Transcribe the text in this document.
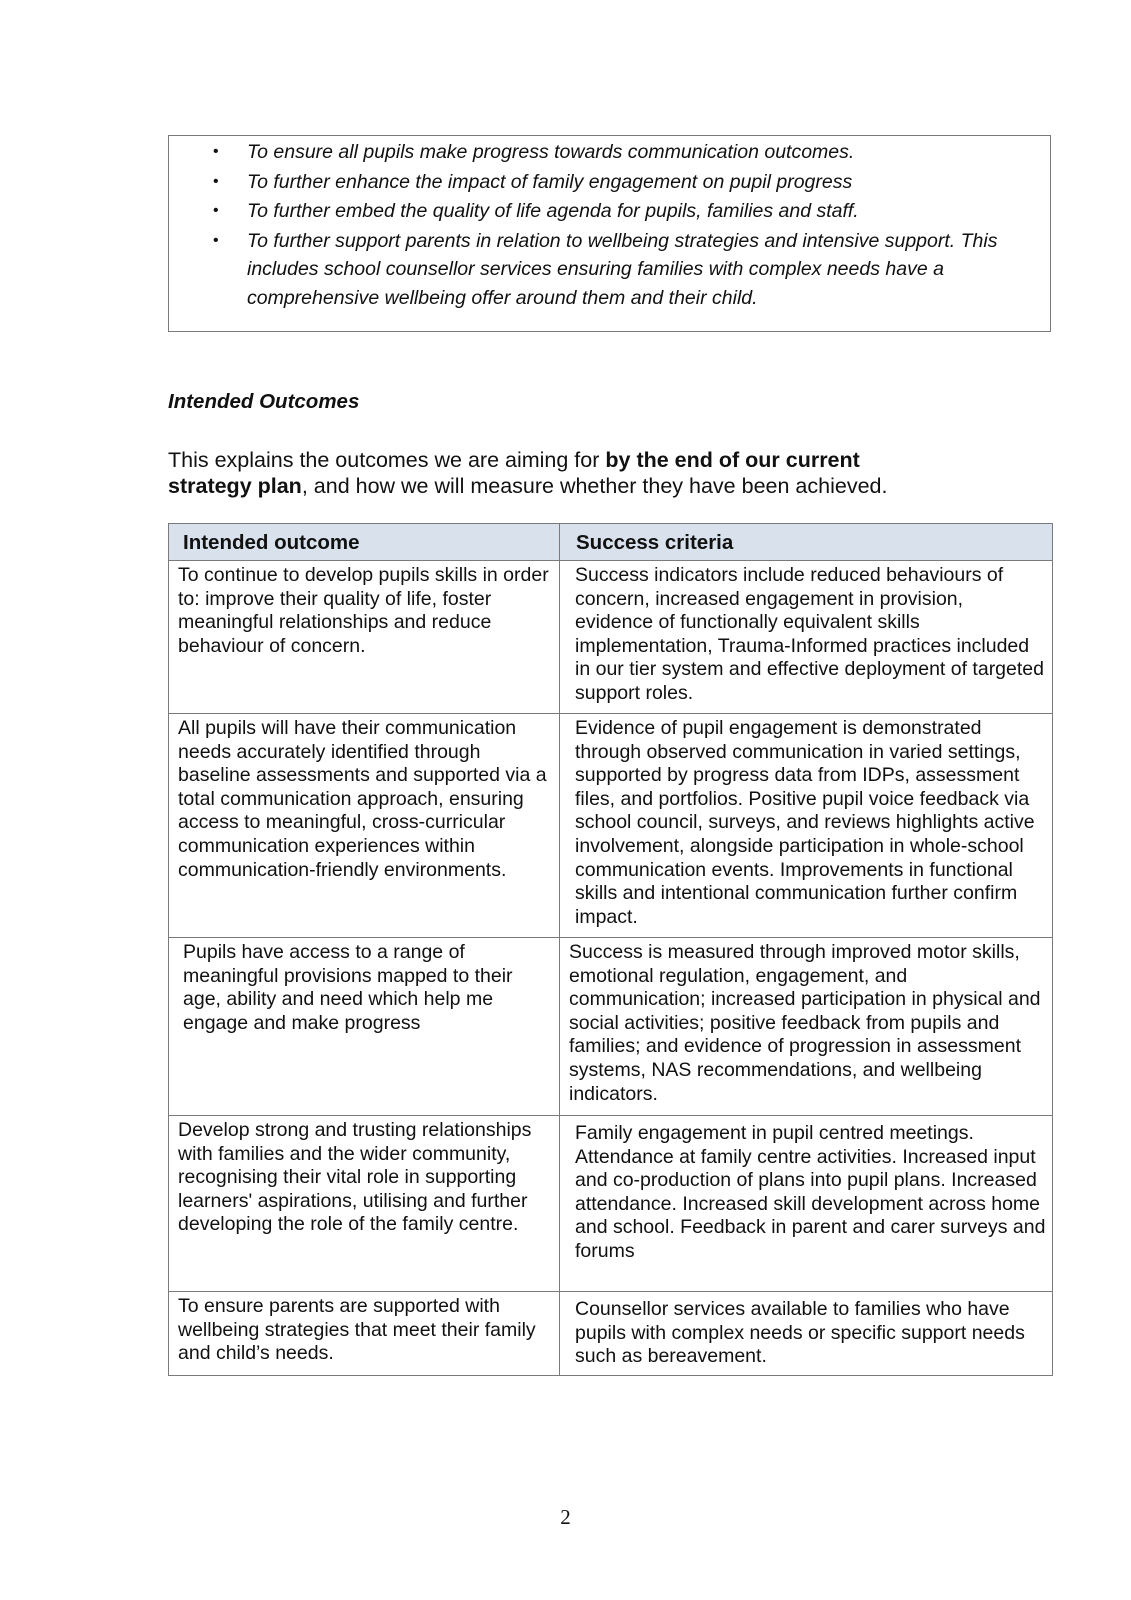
• To ensure all pupils make progress towards communication outcomes.
• To further enhance the impact of family engagement on pupil progress
• To further embed the quality of life agenda for pupils, families and staff.
• To further support parents in relation to wellbeing strategies and intensive support. This includes school counsellor services ensuring families with complex needs have a comprehensive wellbeing offer around them and their child.
Intended Outcomes
This explains the outcomes we are aiming for by the end of our current
strategy plan, and how we will measure whether they have been achieved.
Intended outcome	Success criteria
To continue to develop pupils skills in order to: improve their quality of life, foster meaningful relationships and reduce behaviour of concern.	Success indicators include reduced behaviours of concern, increased engagement in provision, evidence of functionally equivalent skills implementation, Trauma-Informed practices included in our tier system and effective deployment of targeted support roles.
All pupils will have their communication needs accurately identified through baseline assessments and supported via a total communication approach, ensuring access to meaningful, cross-curricular communication experiences within communication-friendly environments.	Evidence of pupil engagement is demonstrated through observed communication in varied settings, supported by progress data from IDPs, assessment files, and portfolios. Positive pupil voice feedback via school council, surveys, and reviews highlights active involvement, alongside participation in whole-school communication events. Improvements in functional skills and intentional communication further confirm impact.
Pupils have access to a range of meaningful provisions mapped to their age, ability and need which help me engage and make progress	Success is measured through improved motor skills, emotional regulation, engagement, and communication; increased participation in physical and social activities; positive feedback from pupils and families; and evidence of progression in assessment systems, NAS recommendations, and wellbeing indicators.
Develop strong and trusting relationships with families and the wider community, recognising their vital role in supporting learners' aspirations, utilising and further developing the role of the family centre.	Family engagement in pupil centred meetings. Attendance at family centre activities. Increased input and co-production of plans into pupil plans. Increased attendance. Increased skill development across home and school. Feedback in parent and carer surveys and forums
To ensure parents are supported with wellbeing strategies that meet their family and child’s needs.	Counsellor services available to families who have pupils with complex needs or specific support needs such as bereavement.
2
